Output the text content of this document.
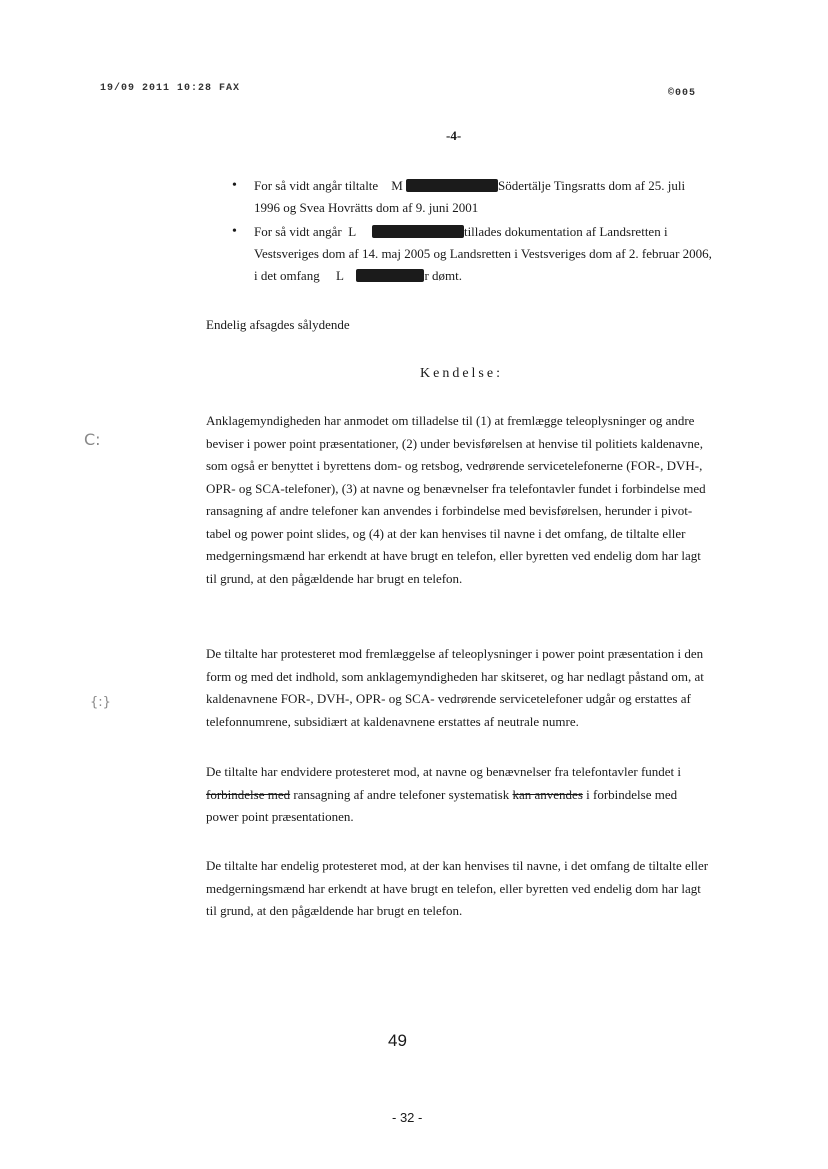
19/09 2011 10:28 FAX	©005
-4-
• For så vidt angår tiltalte M	Södertälje Tingsratts dom af 25. juli 1996 og Svea Hovrätts dom af 9. juni 2001
• For så vidt angår L	tillades dokumentation af Landsretten i Vestsveriges dom af 14. maj 2005 og Landsretten i Vestsveriges dom af 2. februar 2006, i det omfang L	r dømt.

Endelig afsagdes sålydende

Kendelse:
C:
{:}

Anklagemyndigheden har anmodet om tilladelse til (1) at fremlægge teleoplysninger og andre beviser i power point præsentationer, (2) under bevisførelsen at henvise til politiets kaldenavne, som også er benyttet i byrettens dom- og retsbog, vedrørende servicetelefonerne (FOR-, DVH-, OPR- og SCA-telefoner), (3) at navne og benævnelser fra telefontavler fundet i forbindelse med ransagning af andre telefoner kan anvendes i forbindelse med bevisførelsen, herunder i pivot-tabel og power point slides, og (4) at der kan henvises til navne i det omfang, de tiltalte eller medgerningsmænd har erkendt at have brugt en telefon, eller byretten ved endelig dom har lagt til grund, at den pågældende har brugt en telefon.

De tiltalte har protesteret mod fremlæggelse af teleoplysninger i power point præsentation i den form og med det indhold, som anklagemyndigheden har skitseret, og har nedlagt påstand om, at kaldenavnene FOR-, DVH-, OPR- og SCA- vedrørende servicetelefoner udgår og erstattes af telefonnumrene, subsidiært at kaldenavnene erstattes af neutrale numre.

De tiltalte har endvidere protesteret mod, at navne og benævnelser fra telefontavler fundet i forbindelse med ransagning af andre telefoner systematisk kan anvendes i forbindelse med power point præsentationen.

De tiltalte har endelig protesteret mod, at der kan henvises til navne, i det omfang de tiltalte eller medgerningsmænd har erkendt at have brugt en telefon, eller byretten ved endelig dom har lagt til grund, at den pågældende har brugt en telefon.

49
- 32 -
